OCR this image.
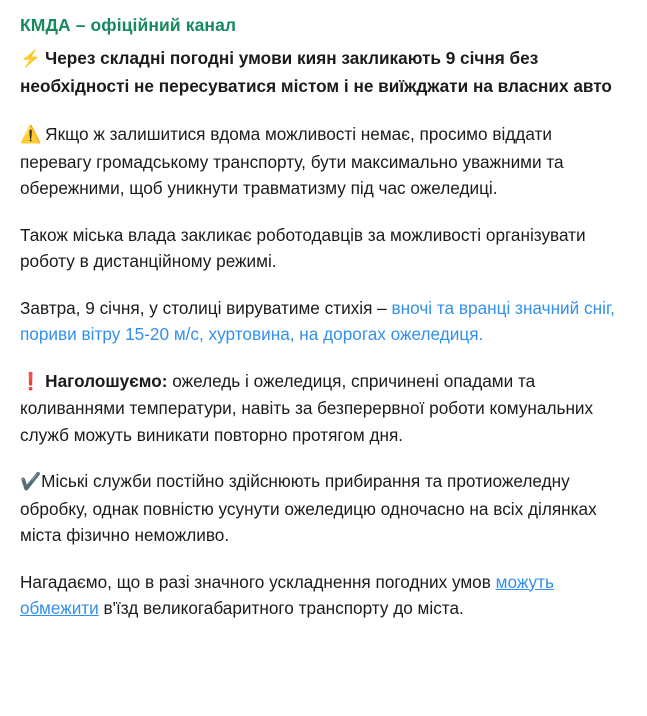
КМДА – офіційний канал
⚡ Через складні погодні умови киян закликають 9 січня без необхідності не пересуватися містом і не виїжджати на власних авто
⚠️ Якщо ж залишитися вдома можливості немає, просимо віддати перевагу громадському транспорту, бути максимально уважними та обережними, щоб уникнути травматизму під час ожеледиці.
Також міська влада закликає роботодавців за можливості організувати роботу в дистанційному режимі.
Завтра, 9 січня, у столиці вируватиме стихія – вночі та вранці значний сніг, пориви вітру 15-20 м/с, хуртовина, на дорогах ожеледиця.
❗ Наголошуємо: ожеледь і ожеледиця, спричинені опадами та коливаннями температури, навіть за безперервної роботи комунальних служб можуть виникати повторно протягом дня.
✔️Міські служби постійно здійснюють прибирання та протиожеледну обробку, однак повністю усунути ожеледицю одночасно на всіх ділянках міста фізично неможливо.
Нагадаємо, що в разі значного ускладнення погодних умов можуть обмежити в'їзд великогабаритного транспорту до міста.
